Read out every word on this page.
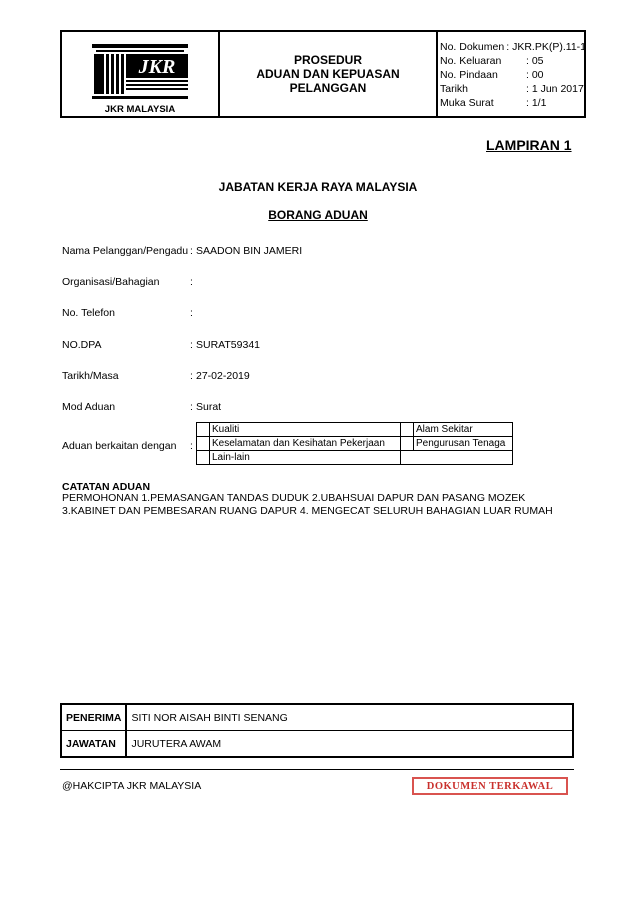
JKR
JKR MALAYSIA
PROSEDUR
ADUAN DAN KEPUASAN
PELANGGAN
No. Dokumen : JKR.PK(P).11-1
No. Keluaran	: 05
No. Pindaan	: 00
Tarikh	: 1 Jun 2017
Muka Surat	: 1/1
LAMPIRAN 1
JABATAN KERJA RAYA MALAYSIA
BORANG ADUAN
Nama Pelanggan/Pengadu : SAADON BIN JAMERI
Organisasi/Bahagian	:
No. Telefon	:
NO.DPA	: SURAT59341
Tarikh/Masa	: 27-02-2019
Mod Aduan	: Surat
Aduan berkaitan dengan	:
	Kualiti		Alam Sekitar
	Keselamatan dan Kesihatan Pekerjaan		Pengurusan Tenaga
	Lain-lain		
CATATAN ADUAN
PERMOHONAN 1.PEMASANGAN TANDAS DUDUK 2.UBAHSUAI DAPUR DAN PASANG MOZEK
3.KABINET DAN PEMBESARAN RUANG DAPUR 4. MENGECAT SELURUH BAHAGIAN LUAR RUMAH
PENERIMA	SITI NOR AISAH BINTI SENANG
JAWATAN	JURUTERA AWAM
@HAKCIPTA JKR MALAYSIA	DOKUMEN TERKAWAL
